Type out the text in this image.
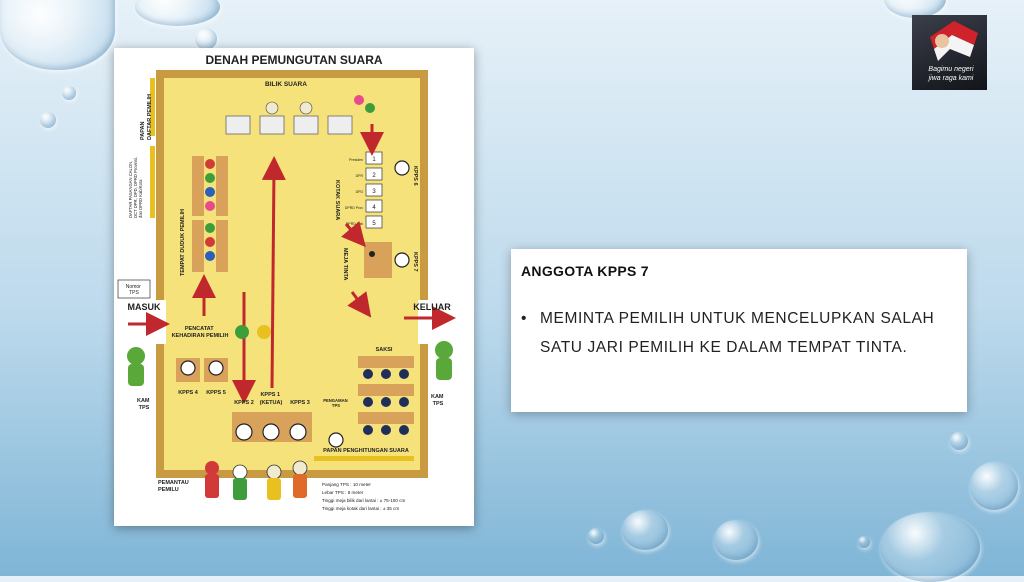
Bagimu negeri
jiwa raga kami
DENAH PEMUNGUTAN SUARA
BILIK SUARA
PAPAN DAFTAR PEMILIH
DAFTAR PASANGAN CALON, DCT DPR, DPD, DPRD Provinsi, dan DPRD Kab/Kota
TEMPAT DUDUK PEMILIH
KOTAK SUARA
1
2
3
4
5
Presiden
DPR
DPD
DPRD Prov
DPRD Kab
KPPS 6
MEJA TINTA	KPPS 7
Nomor TPS
MASUK	KELUAR
PENCATAT KEHADIRAN PEMILIH
KPPS 4 KPPS 5
KPPS 2
KPPS 1 (KETUA) KPPS 3
SAKSI
PENGAMAN TPS
PAPAN PENGHITUNGAN SUARA
KAM TPS
KAM TPS
PEMANTAU PEMILU
Panjang TPS : 10 meter
Lebar TPS : 8 meter
Tinggi meja bilik dari lantai : ± 75-100 cm
Tinggi meja kotak dari lantai : ± 35 cm
ANGGOTA KPPS 7
• MEMINTA PEMILIH UNTUK MENCELUPKAN SALAH SATU JARI PEMILIH KE DALAM TEMPAT TINTA.
